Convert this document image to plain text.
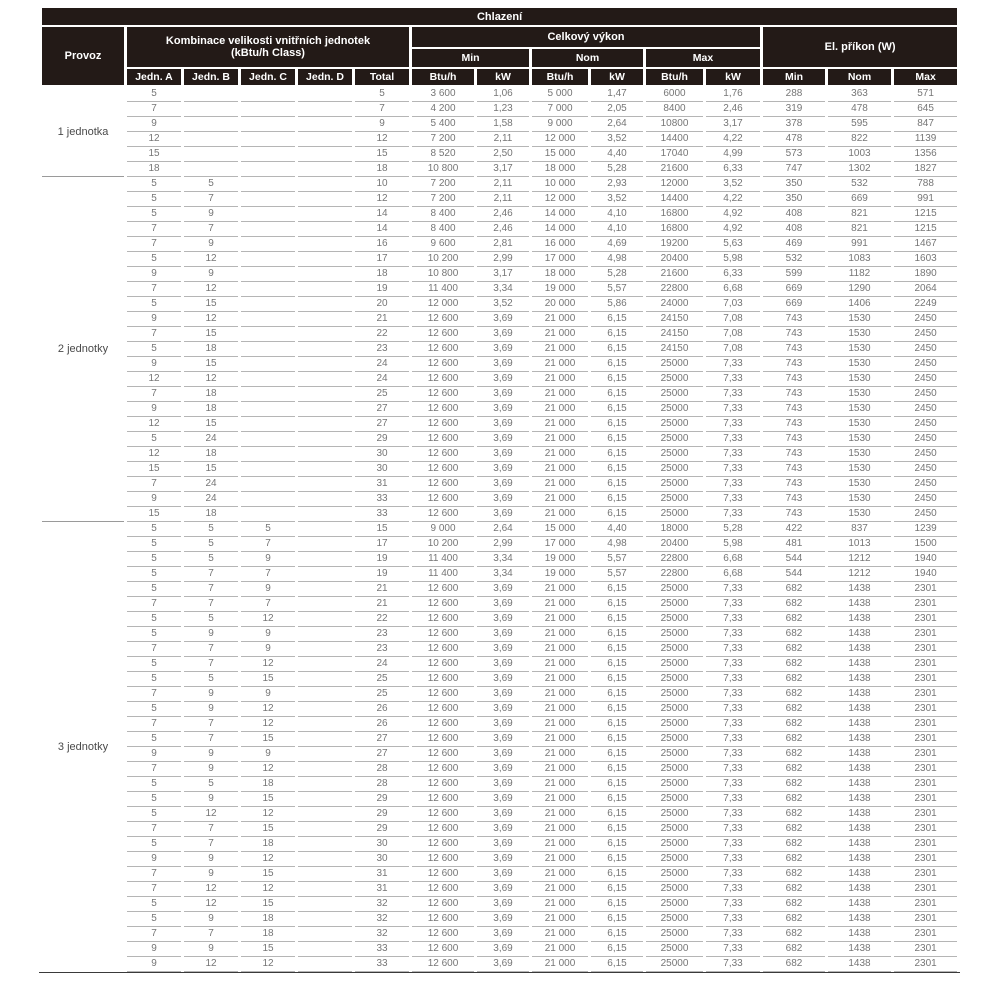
Chlazení														
Provoz	Kombinace velikosti vnitřních jednotek
(kBtu/h Class)					Celkový výkon						El. příkon (W)		
						Min		Nom		Max				
	Jedn. A	Jedn. B	Jedn. C	Jedn. D	Total	Btu/h	kW	Btu/h	kW	Btu/h	kW	Min	Nom	Max
1 jednotka	5				5	3 600	1,06	5 000	1,47	6000	1,76	288	363	571
	7				7	4 200	1,23	7 000	2,05	8400	2,46	319	478	645
	9				9	5 400	1,58	9 000	2,64	10800	3,17	378	595	847
	12				12	7 200	2,11	12 000	3,52	14400	4,22	478	822	1139
	15				15	8 520	2,50	15 000	4,40	17040	4,99	573	1003	1356
	18				18	10 800	3,17	18 000	5,28	21600	6,33	747	1302	1827
2 jednotky	5	5			10	7 200	2,11	10 000	2,93	12000	3,52	350	532	788
	5	7			12	7 200	2,11	12 000	3,52	14400	4,22	350	669	991
	5	9			14	8 400	2,46	14 000	4,10	16800	4,92	408	821	1215
	7	7			14	8 400	2,46	14 000	4,10	16800	4,92	408	821	1215
	7	9			16	9 600	2,81	16 000	4,69	19200	5,63	469	991	1467
	5	12			17	10 200	2,99	17 000	4,98	20400	5,98	532	1083	1603
	9	9			18	10 800	3,17	18 000	5,28	21600	6,33	599	1182	1890
	7	12			19	11 400	3,34	19 000	5,57	22800	6,68	669	1290	2064
	5	15			20	12 000	3,52	20 000	5,86	24000	7,03	669	1406	2249
	9	12			21	12 600	3,69	21 000	6,15	24150	7,08	743	1530	2450
	7	15			22	12 600	3,69	21 000	6,15	24150	7,08	743	1530	2450
	5	18			23	12 600	3,69	21 000	6,15	24150	7,08	743	1530	2450
	9	15			24	12 600	3,69	21 000	6,15	25000	7,33	743	1530	2450
	12	12			24	12 600	3,69	21 000	6,15	25000	7,33	743	1530	2450
	7	18			25	12 600	3,69	21 000	6,15	25000	7,33	743	1530	2450
	9	18			27	12 600	3,69	21 000	6,15	25000	7,33	743	1530	2450
	12	15			27	12 600	3,69	21 000	6,15	25000	7,33	743	1530	2450
	5	24			29	12 600	3,69	21 000	6,15	25000	7,33	743	1530	2450
	12	18			30	12 600	3,69	21 000	6,15	25000	7,33	743	1530	2450
	15	15			30	12 600	3,69	21 000	6,15	25000	7,33	743	1530	2450
	7	24			31	12 600	3,69	21 000	6,15	25000	7,33	743	1530	2450
	9	24			33	12 600	3,69	21 000	6,15	25000	7,33	743	1530	2450
	15	18			33	12 600	3,69	21 000	6,15	25000	7,33	743	1530	2450
3 jednotky	5	5	5		15	9 000	2,64	15 000	4,40	18000	5,28	422	837	1239
	5	5	7		17	10 200	2,99	17 000	4,98	20400	5,98	481	1013	1500
	5	5	9		19	11 400	3,34	19 000	5,57	22800	6,68	544	1212	1940
	5	7	7		19	11 400	3,34	19 000	5,57	22800	6,68	544	1212	1940
	5	7	9		21	12 600	3,69	21 000	6,15	25000	7,33	682	1438	2301
	7	7	7		21	12 600	3,69	21 000	6,15	25000	7,33	682	1438	2301
	5	5	12		22	12 600	3,69	21 000	6,15	25000	7,33	682	1438	2301
	5	9	9		23	12 600	3,69	21 000	6,15	25000	7,33	682	1438	2301
	7	7	9		23	12 600	3,69	21 000	6,15	25000	7,33	682	1438	2301
	5	7	12		24	12 600	3,69	21 000	6,15	25000	7,33	682	1438	2301
	5	5	15		25	12 600	3,69	21 000	6,15	25000	7,33	682	1438	2301
	7	9	9		25	12 600	3,69	21 000	6,15	25000	7,33	682	1438	2301
	5	9	12		26	12 600	3,69	21 000	6,15	25000	7,33	682	1438	2301
	7	7	12		26	12 600	3,69	21 000	6,15	25000	7,33	682	1438	2301
	5	7	15		27	12 600	3,69	21 000	6,15	25000	7,33	682	1438	2301
	9	9	9		27	12 600	3,69	21 000	6,15	25000	7,33	682	1438	2301
	7	9	12		28	12 600	3,69	21 000	6,15	25000	7,33	682	1438	2301
	5	5	18		28	12 600	3,69	21 000	6,15	25000	7,33	682	1438	2301
	5	9	15		29	12 600	3,69	21 000	6,15	25000	7,33	682	1438	2301
	5	12	12		29	12 600	3,69	21 000	6,15	25000	7,33	682	1438	2301
	7	7	15		29	12 600	3,69	21 000	6,15	25000	7,33	682	1438	2301
	5	7	18		30	12 600	3,69	21 000	6,15	25000	7,33	682	1438	2301
	9	9	12		30	12 600	3,69	21 000	6,15	25000	7,33	682	1438	2301
	7	9	15		31	12 600	3,69	21 000	6,15	25000	7,33	682	1438	2301
	7	12	12		31	12 600	3,69	21 000	6,15	25000	7,33	682	1438	2301
	5	12	15		32	12 600	3,69	21 000	6,15	25000	7,33	682	1438	2301
	5	9	18		32	12 600	3,69	21 000	6,15	25000	7,33	682	1438	2301
	7	7	18		32	12 600	3,69	21 000	6,15	25000	7,33	682	1438	2301
	9	9	15		33	12 600	3,69	21 000	6,15	25000	7,33	682	1438	2301
	9	12	12		33	12 600	3,69	21 000	6,15	25000	7,33	682	1438	2301
